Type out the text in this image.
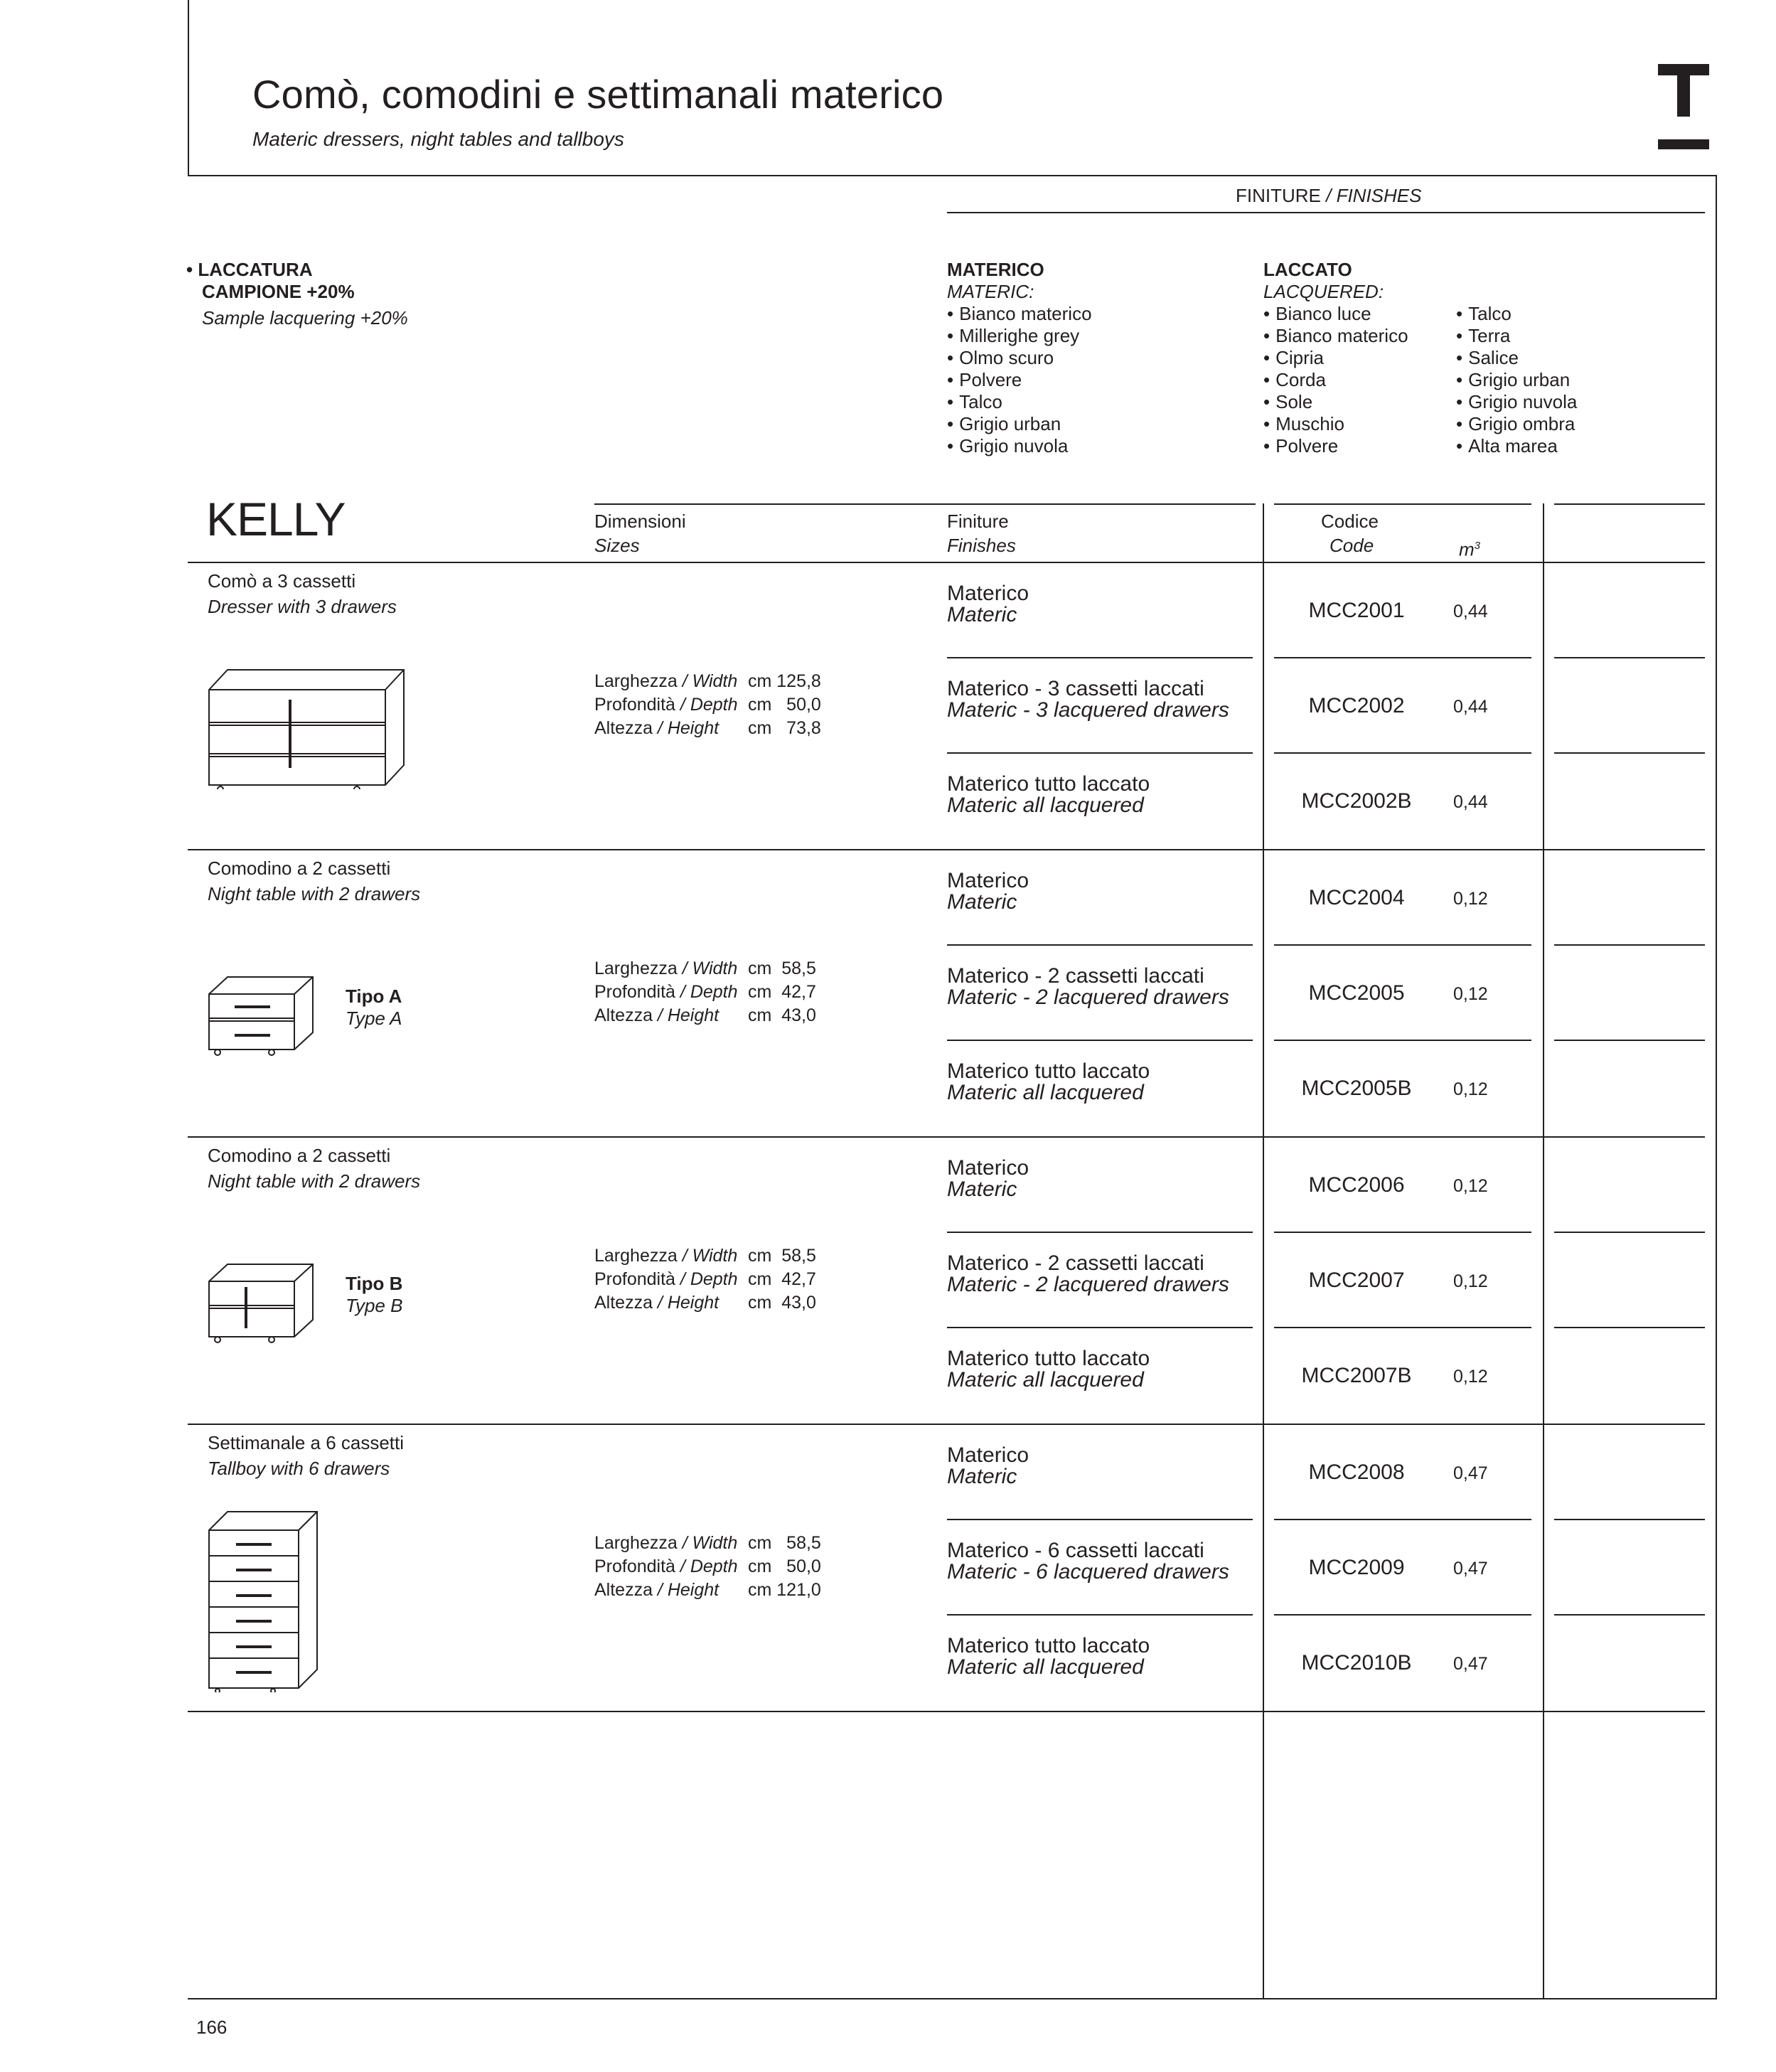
Comò, comodini e settimanali materico
Materic dressers, night tables and tallboys
FINITURE / FINISHES
• LACCATURA
CAMPIONE +20%
Sample lacquering +20%
MATERICO
MATERIC:
• Bianco materico
• Millerighe grey
• Olmo scuro
• Polvere
• Talco
• Grigio urban
• Grigio nuvola
LACCATO
LACQUERED:
• Bianco luce
• Bianco materico
• Cipria
• Corda
• Sole
• Muschio
• Polvere
• Talco
• Terra
• Salice
• Grigio urban
• Grigio nuvola
• Grigio ombra
• Alta marea
KELLY	Dimensioni
Sizes
Finiture
Finishes
Codice
Code	$m^3$
Comò a 3 cassetti
Dresser with 3 drawers
Larghezza / Width cm 125,8
Profondità / Depth cm   50,0
Altezza / Height cm   73,8
Materico
Materic	MCC2001	0,44
Materico - 3 cassetti laccati
Materic - 3 lacquered drawers	MCC2002	0,44
Materico tutto laccato
Materic all lacquered	MCC2002B	0,44
Comodino a 2 cassetti
Night table with 2 drawers
Larghezza / Width cm  58,5
Profondità / Depth cm  42,7
Altezza / Height cm  43,0
Materico
Materic	MCC2004	0,12
Materico - 2 cassetti laccati
Materic - 2 lacquered drawers	MCC2005	0,12
Materico tutto laccato
Materic all lacquered	MCC2005B	0,12
Comodino a 2 cassetti
Night table with 2 drawers
Larghezza / Width cm  58,5
Profondità / Depth cm  42,7
Altezza / Height cm  43,0
Materico
Materic	MCC2006	0,12
Materico - 2 cassetti laccati
Materic - 2 lacquered drawers	MCC2007	0,12
Materico tutto laccato
Materic all lacquered	MCC2007B	0,12
Settimanale a 6 cassetti
Tallboy with 6 drawers
Larghezza / Width cm   58,5
Profondità / Depth cm   50,0
Altezza / Height cm 121,0
Materico
Materic	MCC2008	0,47
Materico - 6 cassetti laccati
Materic - 6 lacquered drawers	MCC2009	0,47
Materico tutto laccato
Materic all lacquered	MCC2010B	0,47
Tipo A
Type A
Tipo B
Type B
166
